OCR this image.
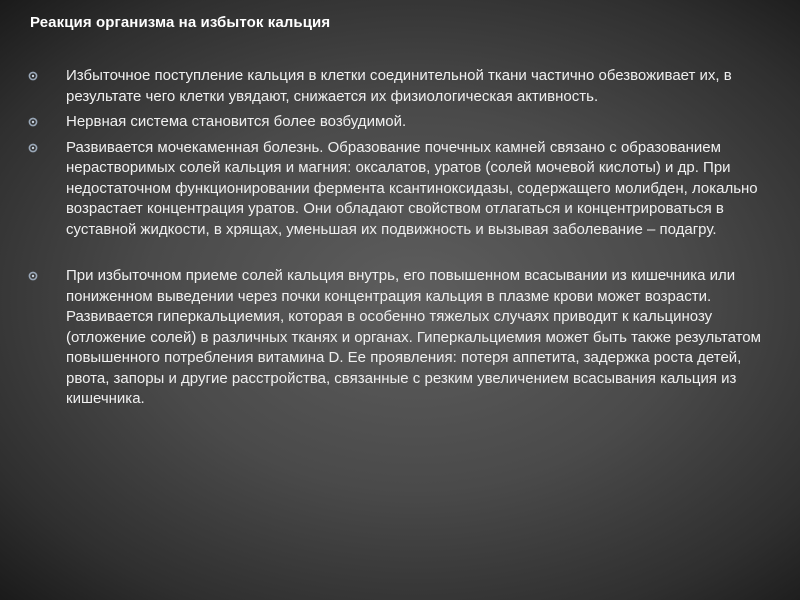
Реакция организма на избыток кальция
Избыточное поступление кальция в клетки соединительной ткани частично обезвоживает их, в результате чего клетки увядают, снижается их физиологическая активность.
Нервная система становится более возбудимой.
Развивается мочекаменная болезнь. Образование почечных камней связано с образованием нерастворимых солей кальция и магния: оксалатов, уратов (солей мочевой кислоты) и др. При недостаточном функционировании фермента ксантиноксидазы, содержащего молибден, локально возрастает концентрация уратов. Они обладают свойством отлагаться и концентрироваться в суставной жидкости, в хрящах, уменьшая их подвижность и вызывая заболевание – подагру.
При избыточном приеме солей кальция внутрь, его повышенном всасывании из кишечника или пониженном выведении через почки концентрация кальция в плазме крови может возрасти. Развивается гиперкальциемия, которая в особенно тяжелых случаях приводит к кальцинозу (отложение солей) в различных тканях и органах. Гиперкальциемия может быть также результатом повышенного потребления витамина D. Ее проявления: потеря аппетита, задержка роста детей, рвота, запоры и другие расстройства, связанные с резким увеличением всасывания кальция из кишечника.
